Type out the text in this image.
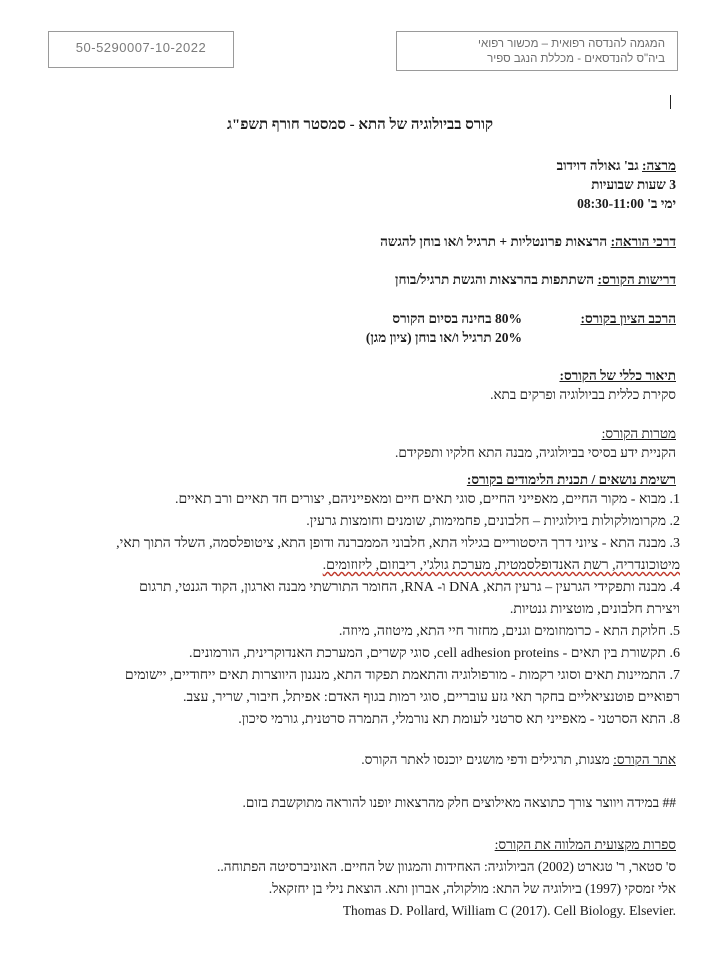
50-5290007-10-2022	המגמה להנדסה רפואית – מכשור רפואי
ביה"ס להנדסאים - מכללת הנגב ספיר
קורס בביולוגיה של התא - סמסטר חורף תשפ"ג
מרצה: גב' גאולה דוידוב
3 שעות שבועיות
ימי ב' 08:30-11:00
דרכי הוראה: הרצאות פרונטליות + תרגיל ו/או בוחן להגשה
דרישות הקורס: השתתפות בהרצאות והגשת תרגיל/בוחן
הרכב הציון בקורס:
80% בחינה בסיום הקורס
20% תרגיל ו/או בוחן (ציון מגן)
תיאור כללי של הקורס:
סקירת כללית בביולוגיה ופרקים בתא.
מטרות הקורס:
הקניית ידע בסיסי בביולוגיה, מבנה התא חלקיו ותפקידם.
רשימת נושאים / תכנית הלימודים בקורס:
1. מבוא - מקור החיים, מאפייני החיים, סוגי תאים חיים ומאפייניהם, יצורים חד תאיים ורב תאיים.
2. מקרומולקולות ביולוגיות – חלבונים, פחמימות, שומנים וחומצות גרעין.
3. מבנה התא - ציוני דרך היסטוריים בגילוי התא, חלבוני הממברנה ודופן התא, ציטופלסמה, השלד התוך תאי,
מיטוכונדריה, רשת האנדופלסמטית, מערכת גולג'י, ריבוזום, ליזוזומים.
4. מבנה ותפקידי הגרעין – גרעין התא, DNA ו- RNA, החומר התורשתי מבנה וארגון, הקוד הגנטי, תרגום
ויצירת חלבונים, מוטציות גנטיות.
5. חלוקת התא - כרומוזומים וגנים, מחזור חיי התא, מיטוזה, מיוזה.
6. תקשורת בין תאים - cell adhesion proteins, סוגי קשרים, המערכת האנדוקרינית, הורמונים.
7. התמיינות תאים וסוגי רקמות - מורפולוגיה והתאמת תפקוד התא, מנגנון היווצרות תאים ייחודיים, יישומים
רפואיים פוטנציאליים בחקר תאי גזע עובריים, סוגי רמות בגוף האדם: אפיתל, חיבור, שריר, עצב.
8. התא הסרטני - מאפייני תא סרטני לעומת תא נורמלי, התמרה סרטנית, גורמי סיכון.
אתר הקורס: מצגות, תרגילים ודפי מושגים יוכנסו לאתר הקורס.
## במידה ויווצר צורך כתוצאה מאילוצים חלק מהרצאות יופנו להוראה מתוקשבת בזום.
ספרות מקצועית המלווה את הקורס:
ס' סטאר, ר' טגארט (2002) הביולוגיה: האחידות והמגוון של החיים. האוניברסיטה הפתוחה..
אלי זמסקי (1997) ביולוגיה של התא: מולקולה, אברון ותא. הוצאת נילי בן יחזקאל.
Thomas D. Pollard, William C (2017). Cell Biology. Elsevier.
